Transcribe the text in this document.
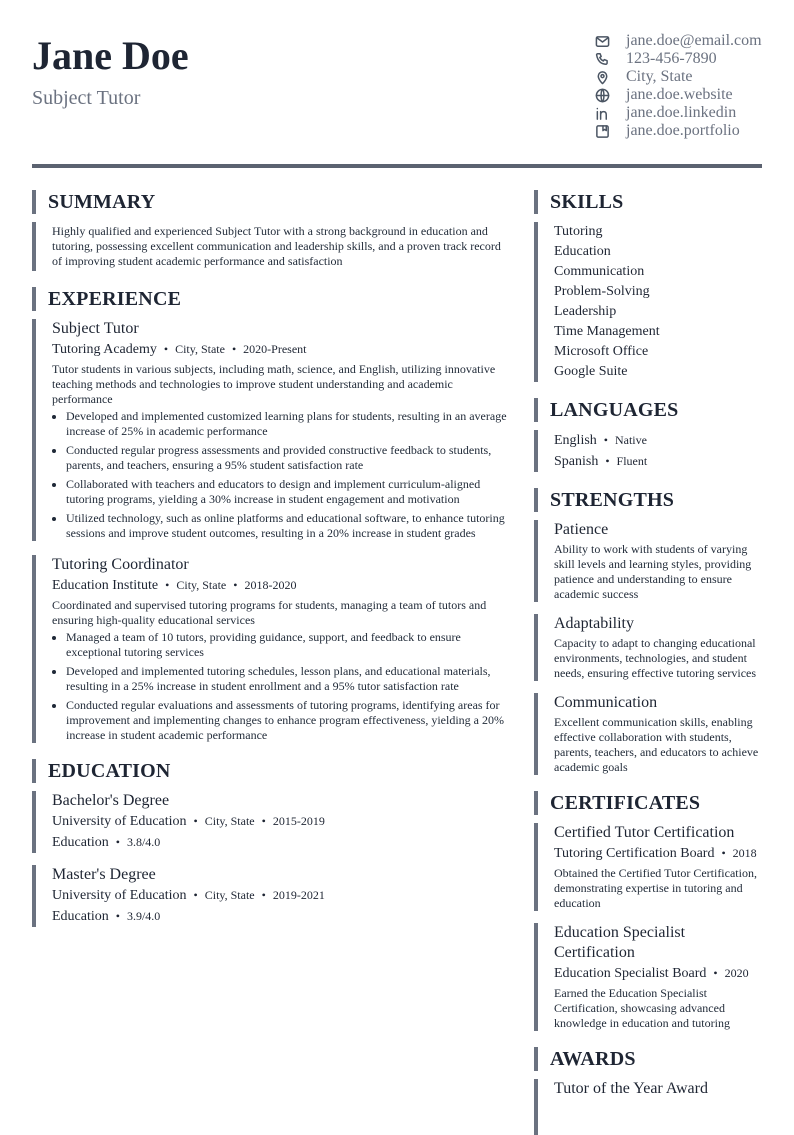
Jane Doe
Subject Tutor
jane.doe@email.com
123-456-7890
City, State
jane.doe.website
jane.doe.linkedin
jane.doe.portfolio
SUMMARY
Highly qualified and experienced Subject Tutor with a strong background in education and tutoring, possessing excellent communication and leadership skills, and a proven track record of improving student academic performance and satisfaction
EXPERIENCE
Subject Tutor
Tutoring Academy • City, State • 2020-Present
Tutor students in various subjects, including math, science, and English, utilizing innovative teaching methods and technologies to improve student understanding and academic performance
• Developed and implemented customized learning plans for students, resulting in an average increase of 25% in academic performance
• Conducted regular progress assessments and provided constructive feedback to students, parents, and teachers, ensuring a 95% student satisfaction rate
• Collaborated with teachers and educators to design and implement curriculum-aligned tutoring programs, yielding a 30% increase in student engagement and motivation
• Utilized technology, such as online platforms and educational software, to enhance tutoring sessions and improve student outcomes, resulting in a 20% increase in student grades
Tutoring Coordinator
Education Institute • City, State • 2018-2020
Coordinated and supervised tutoring programs for students, managing a team of tutors and ensuring high-quality educational services
• Managed a team of 10 tutors, providing guidance, support, and feedback to ensure exceptional tutoring services
• Developed and implemented tutoring schedules, lesson plans, and educational materials, resulting in a 25% increase in student enrollment and a 95% tutor satisfaction rate
• Conducted regular evaluations and assessments of tutoring programs, identifying areas for improvement and implementing changes to enhance program effectiveness, yielding a 20% increase in student academic performance
EDUCATION
Bachelor's Degree
University of Education • City, State • 2015-2019
Education • 3.8/4.0
Master's Degree
University of Education • City, State • 2019-2021
Education • 3.9/4.0
SKILLS
Tutoring
Education
Communication
Problem-Solving
Leadership
Time Management
Microsoft Office
Google Suite
LANGUAGES
English • Native
Spanish • Fluent
STRENGTHS
Patience
Ability to work with students of varying skill levels and learning styles, providing patience and understanding to ensure academic success
Adaptability
Capacity to adapt to changing educational environments, technologies, and student needs, ensuring effective tutoring services
Communication
Excellent communication skills, enabling effective collaboration with students, parents, teachers, and educators to achieve academic goals
CERTIFICATES
Certified Tutor Certification
Tutoring Certification Board • 2018
Obtained the Certified Tutor Certification, demonstrating expertise in tutoring and education
Education Specialist Certification
Education Specialist Board • 2020
Earned the Education Specialist Certification, showcasing advanced knowledge in education and tutoring
AWARDS
Tutor of the Year Award
